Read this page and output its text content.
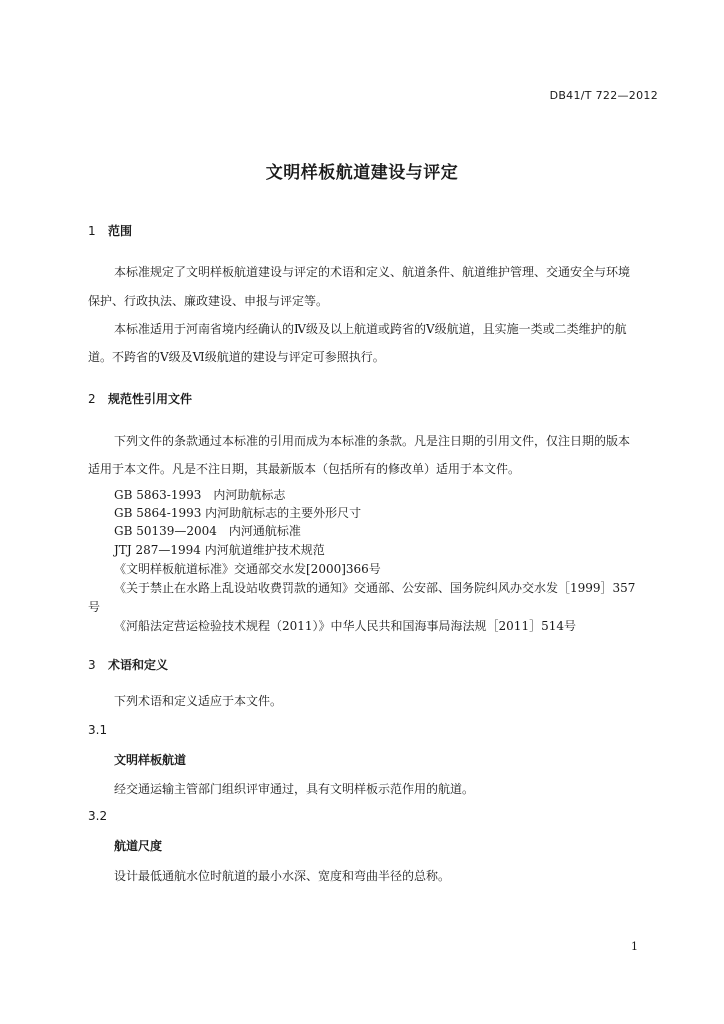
DB41/T 722—2012
文明样板航道建设与评定
1 范围
本标准规定了文明样板航道建设与评定的术语和定义、航道条件、航道维护管理、交通安全与环境
保护、行政执法、廉政建设、申报与评定等。
本标准适用于河南省境内经确认的Ⅳ级及以上航道或跨省的Ⅴ级航道，且实施一类或二类维护的航
道。不跨省的Ⅴ级及Ⅵ级航道的建设与评定可参照执行。
2 规范性引用文件
下列文件的条款通过本标准的引用而成为本标准的条款。凡是注日期的引用文件，仅注日期的版本
适用于本文件。凡是不注日期，其最新版本（包括所有的修改单）适用于本文件。
GB 5863-1993　内河助航标志
GB 5864-1993 内河助航标志的主要外形尺寸
GB 50139—2004　内河通航标准
JTJ 287—1994 内河航道维护技术规范
《文明样板航道标准》交通部交水发[2000]366号
《关于禁止在水路上乱设站收费罚款的通知》交通部、公安部、国务院纠风办交水发［1999］357
号
《河船法定营运检验技术规程（2011）》中华人民共和国海事局海法规［2011］514号
3 术语和定义
下列术语和定义适应于本文件。
3.1
文明样板航道
经交通运输主管部门组织评审通过，具有文明样板示范作用的航道。
3.2
航道尺度
设计最低通航水位时航道的最小水深、宽度和弯曲半径的总称。
1
